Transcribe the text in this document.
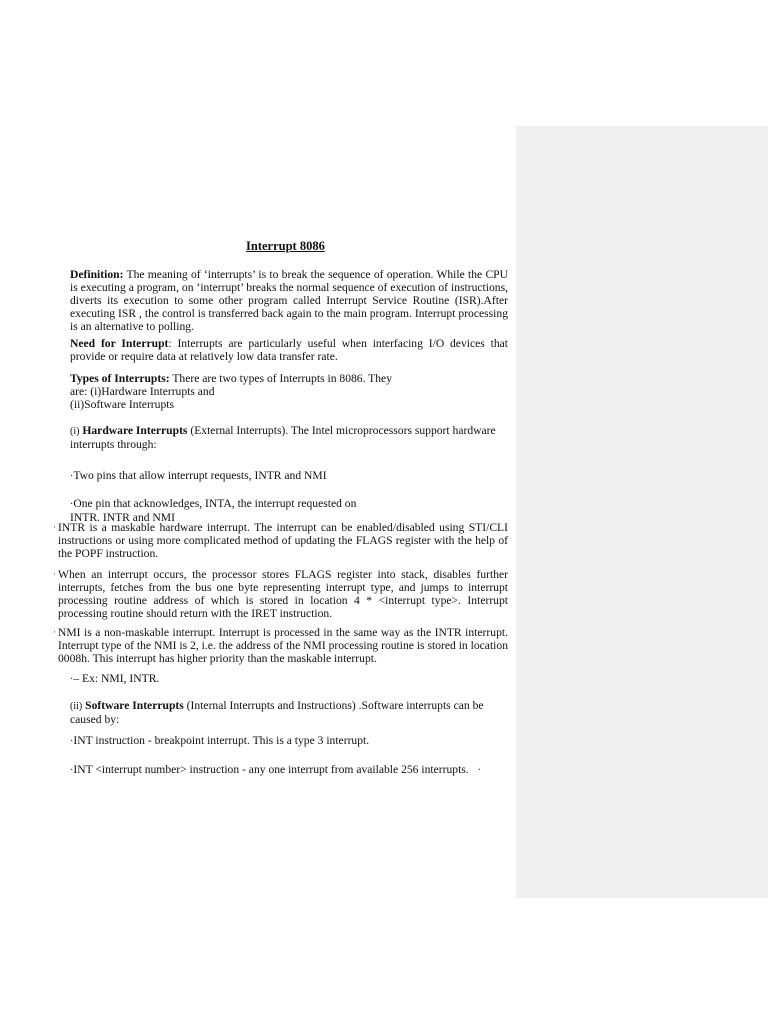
Interrupt 8086

Definition: The meaning of ‘interrupts’ is to break the sequence of operation. While the CPU is executing a program, on ‘interrupt’ breaks the normal sequence of execution of instructions, diverts its execution to some other program called Interrupt Service Routine (ISR).After executing ISR , the control is transferred back again to the main program. Interrupt processing is an alternative to polling.

Need for Interrupt: Interrupts are particularly useful when interfacing I/O devices that provide or require data at relatively low data transfer rate.

Types of Interrupts: There are two types of Interrupts in 8086. They
are: (i)Hardware Interrupts and
(ii)Software Interrupts

(i) Hardware Interrupts (External Interrupts). The Intel microprocessors support hardware interrupts through:

·Two pins that allow interrupt requests, INTR and NMI

·One pin that acknowledges, INTA, the interrupt requested on
INTR. INTR and NMI

· INTR is a maskable hardware interrupt. The interrupt can be enabled/disabled using STI/CLI instructions or using more complicated method of updating the FLAGS register with the help of the POPF instruction.

· When an interrupt occurs, the processor stores FLAGS register into stack, disables further interrupts, fetches from the bus one byte representing interrupt type, and jumps to interrupt processing routine address of which is stored in location 4 * <interrupt type>. Interrupt processing routine should return with the IRET instruction.

· NMI is a non-maskable interrupt. Interrupt is processed in the same way as the INTR interrupt. Interrupt type of the NMI is 2, i.e. the address of the NMI processing routine is stored in location 0008h. This interrupt has higher priority than the maskable interrupt.

·– Ex: NMI, INTR.

(ii) Software Interrupts (Internal Interrupts and Instructions) .Software interrupts can be caused by:

·INT instruction - breakpoint interrupt. This is a type 3 interrupt.

·INT <interrupt number> instruction - any one interrupt from available 256 interrupts. ·
